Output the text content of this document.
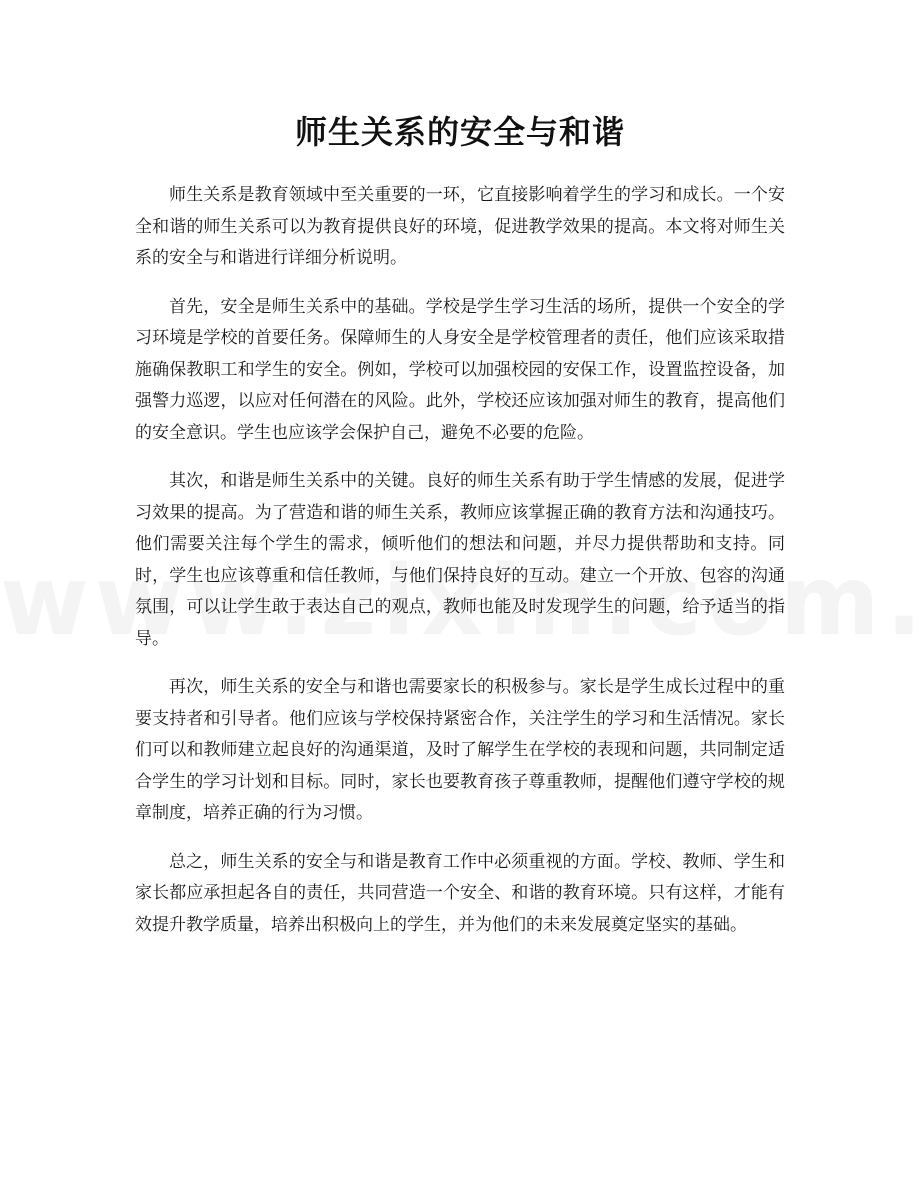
师生关系的安全与和谐

师生关系是教育领域中至关重要的一环，它直接影响着学生的学习和成长。一个安全和谐的师生关系可以为教育提供良好的环境，促进教学效果的提高。本文将对师生关系的安全与和谐进行详细分析说明。

首先，安全是师生关系中的基础。学校是学生学习生活的场所，提供一个安全的学习环境是学校的首要任务。保障师生的人身安全是学校管理者的责任，他们应该采取措施确保教职工和学生的安全。例如，学校可以加强校园的安保工作，设置监控设备，加强警力巡逻，以应对任何潜在的风险。此外，学校还应该加强对师生的教育，提高他们的安全意识。学生也应该学会保护自己，避免不必要的危险。

其次，和谐是师生关系中的关键。良好的师生关系有助于学生情感的发展，促进学习效果的提高。为了营造和谐的师生关系，教师应该掌握正确的教育方法和沟通技巧。他们需要关注每个学生的需求，倾听他们的想法和问题，并尽力提供帮助和支持。同时，学生也应该尊重和信任教师，与他们保持良好的互动。建立一个开放、包容的沟通氛围，可以让学生敢于表达自己的观点，教师也能及时发现学生的问题，给予适当的指导。

再次，师生关系的安全与和谐也需要家长的积极参与。家长是学生成长过程中的重要支持者和引导者。他们应该与学校保持紧密合作，关注学生的学习和生活情况。家长们可以和教师建立起良好的沟通渠道，及时了解学生在学校的表现和问题，共同制定适合学生的学习计划和目标。同时，家长也要教育孩子尊重教师，提醒他们遵守学校的规章制度，培养正确的行为习惯。

总之，师生关系的安全与和谐是教育工作中必须重视的方面。学校、教师、学生和家长都应承担起各自的责任，共同营造一个安全、和谐的教育环境。只有这样，才能有效提升教学质量，培养出积极向上的学生，并为他们的未来发展奠定坚实的基础。
